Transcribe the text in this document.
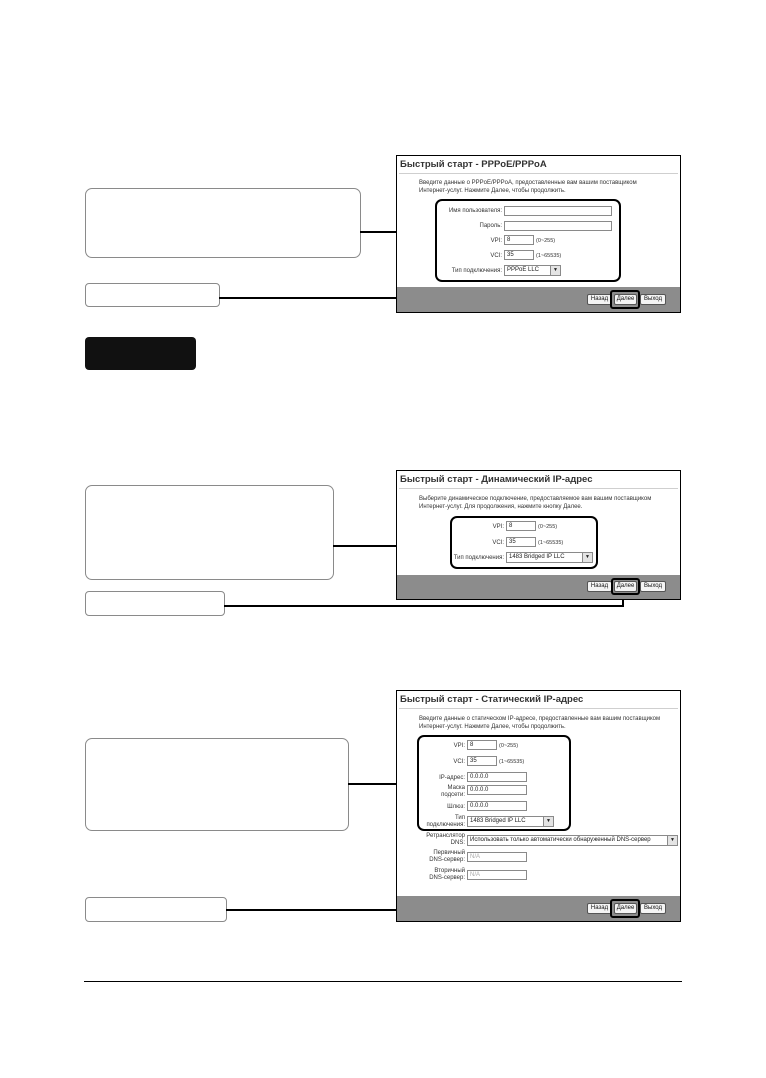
Быстрый старт - PPPoE/PPPoA
Введите данные о PPPoE/PPPoA, предоставленные вам вашим поставщиком
Интернет-услуг. Нажмите Далее, чтобы продолжить.
Имя пользователя:
Пароль:
VPI: 8	(0~255)
VCI: 35	(1~65535)
Тип подключения: PPPoE LLC	▼
Назад	Далее	Выход
Быстрый старт - Динамический IP-адрес
Выберите динамическое подключение, предоставляемое вам вашим поставщиком
Интернет-услуг. Для продолжения, нажмите кнопку Далее.
VPI: 8	(0~255)
VCI: 35	(1~65535)
Тип подключения: 1483 Bridged IP LLC	▼
Назад	Далее	Выход
Быстрый старт - Статический IP-адрес
Введите данные о статическом IP-адресе, предоставленные вам вашим поставщиком
Интернет-услуг. Нажмите Далее, чтобы продолжить.
VPI: 8	(0~255)
VCI: 35	(1~65535)
IP-адрес: 0.0.0.0
Маска
подсети:
0.0.0.0
Шлюз: 0.0.0.0
Тип
подключения:
1483 Bridged IP LLC	▼
Ретранслятор
DNS: Использовать только автоматически обнаруженный DNS-сервер	▼
Первичный
DNS-сервер: N/A
Вторичный
DNS-сервер: N/A
Назад	Далее	Выход
